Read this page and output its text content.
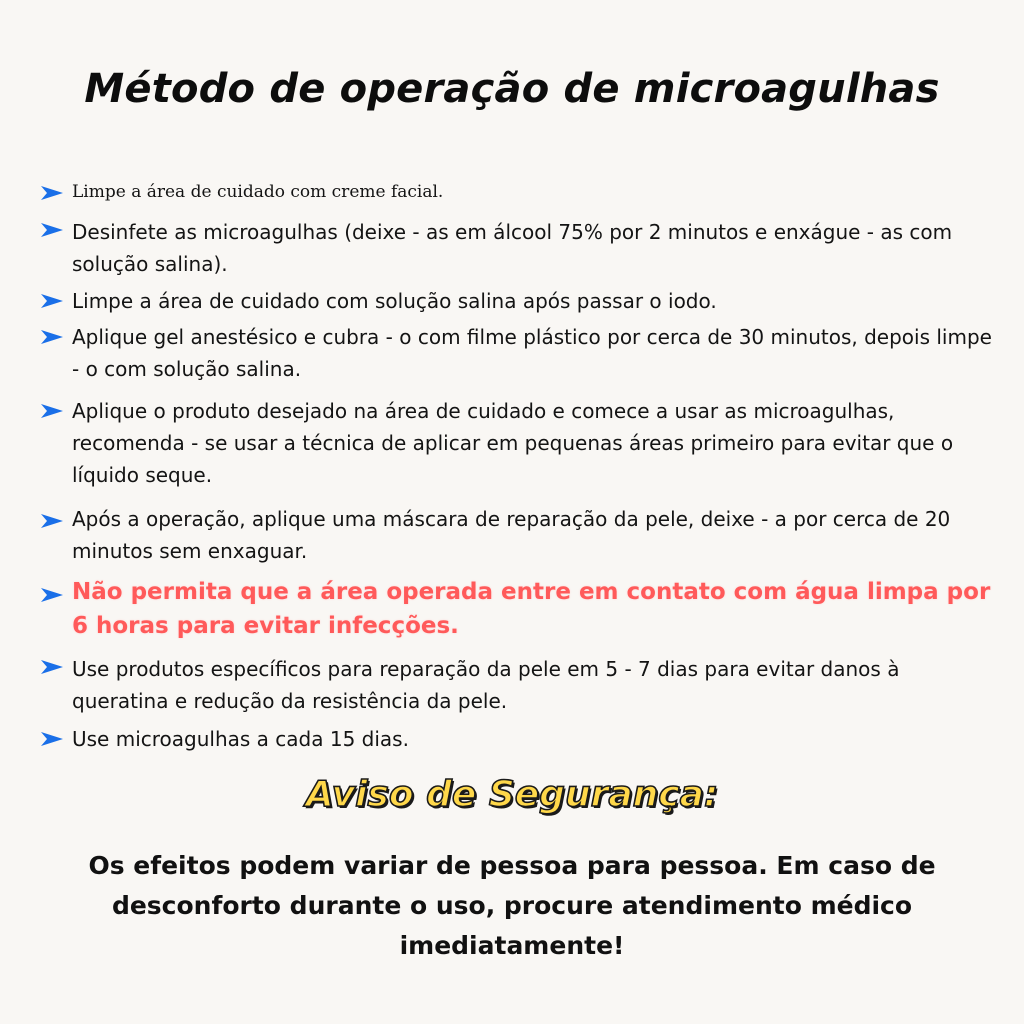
Método de operação de microagulhas
Limpe a área de cuidado com creme facial.
Desinfete as microagulhas (deixe - as em álcool 75% por 2 minutos e enxágue - as com solução salina).
Limpe a área de cuidado com solução salina após passar o iodo.
Aplique gel anestésico e cubra - o com filme plástico por cerca de 30 minutos, depois limpe - o com solução salina.
Aplique o produto desejado na área de cuidado e comece a usar as microagulhas, recomenda - se usar a técnica de aplicar em pequenas áreas primeiro para evitar que o líquido seque.
Após a operação, aplique uma máscara de reparação da pele, deixe - a por cerca de 20 minutos sem enxaguar.
Não permita que a área operada entre em contato com água limpa por 6 horas para evitar infecções.
Use produtos específicos para reparação da pele em 5 - 7 dias para evitar danos à queratina e redução da resistência da pele.
Use microagulhas a cada 15 dias.
Aviso de Segurança:
Os efeitos podem variar de pessoa para pessoa. Em caso de desconforto durante o uso, procure atendimento médico imediatamente!
